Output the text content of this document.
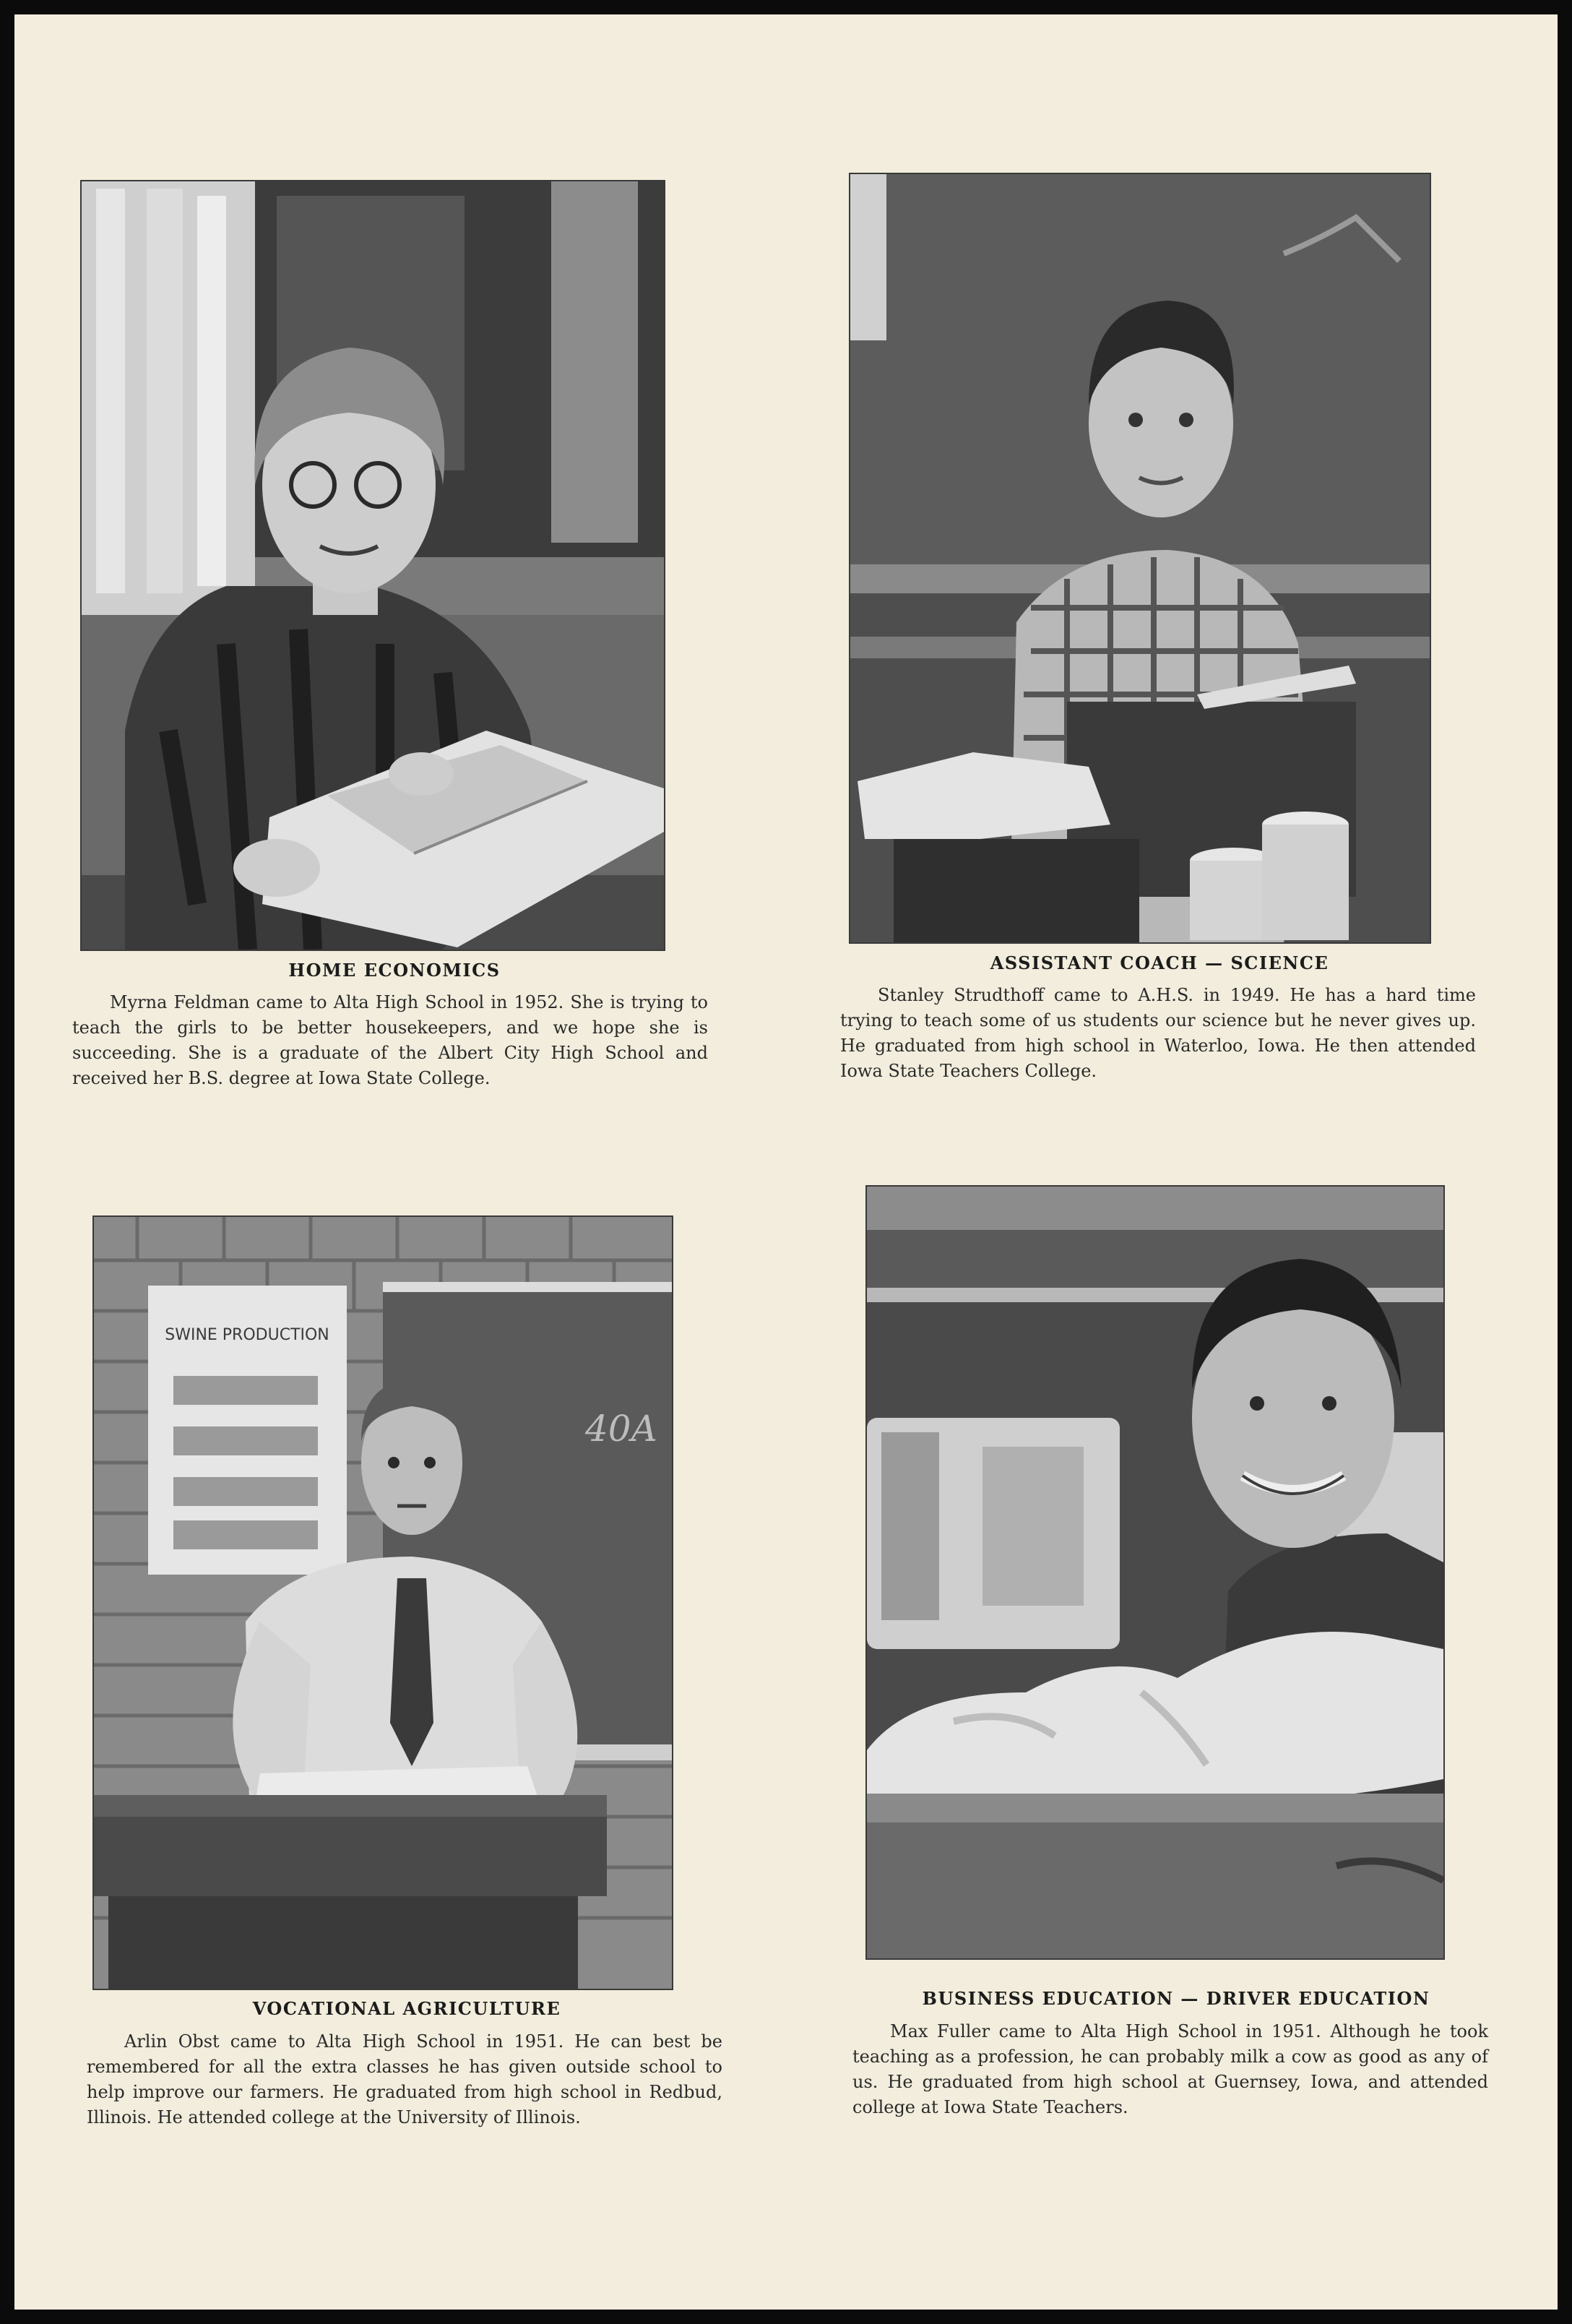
HOME ECONOMICS

Myrna Feldman came to Alta High School in 1952. She is trying to teach the girls to be better housekeepers, and we hope she is succeeding. She is a graduate of the Albert City High School and received her B.S. degree at Iowa State College.

ASSISTANT COACH — SCIENCE

Stanley Strudthoff came to A.H.S. in 1949. He has a hard time trying to teach some of us students our science but he never gives up. He graduated from high school in Waterloo, Iowa. He then attended Iowa State Teachers College.

SWINE PRODUCTION
40A

VOCATIONAL AGRICULTURE

Arlin Obst came to Alta High School in 1951. He can best be remembered for all the extra classes he has given outside school to help improve our farmers. He graduated from high school in Redbud, Illinois. He attended college at the University of Illinois.

BUSINESS EDUCATION — DRIVER EDUCATION

Max Fuller came to Alta High School in 1951. Although he took teaching as a profession, he can probably milk a cow as good as any of us. He graduated from high school at Guernsey, Iowa, and attended college at Iowa State Teachers.
